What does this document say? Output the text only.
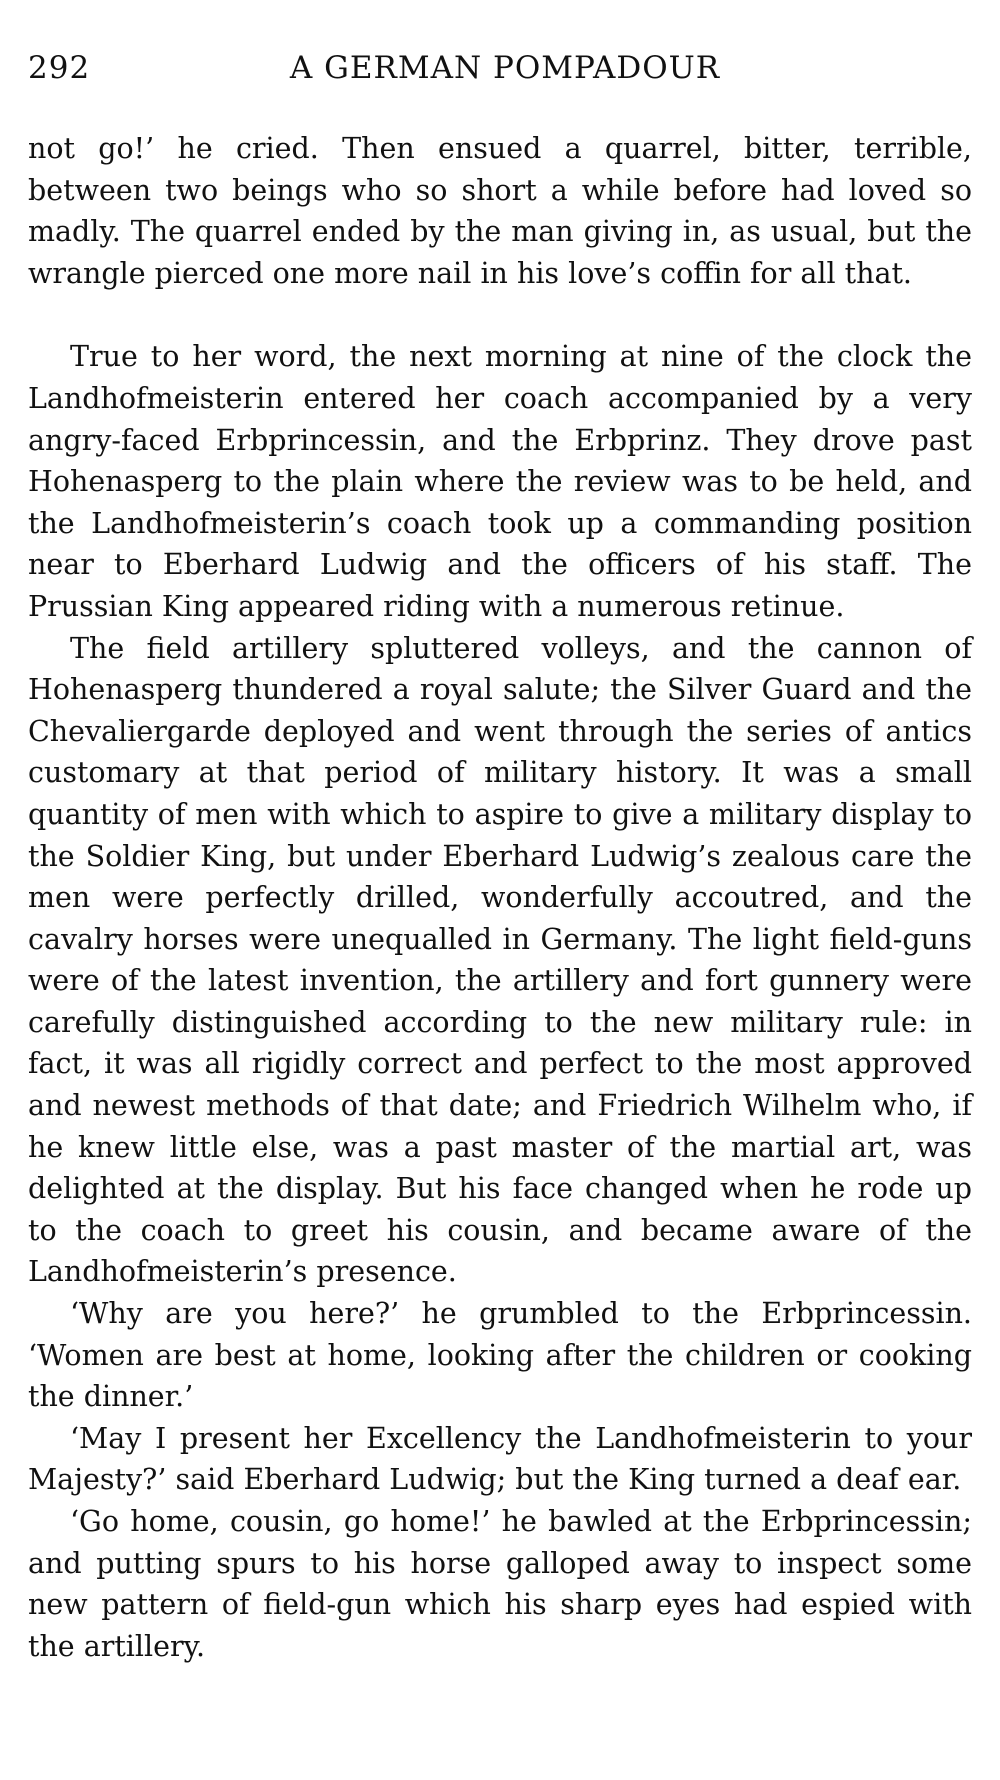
292	A GERMAN POMPADOUR

not go!’ he cried. Then ensued a quarrel, bitter, terrible, between two beings who so short a while before had loved so madly. The quarrel ended by the man giving in, as usual, but the wrangle pierced one more nail in his love’s coffin for all that.

True to her word, the next morning at nine of the clock the Landhofmeisterin entered her coach accompanied by a very angry-faced Erbprincessin, and the Erbprinz. They drove past Hohenasperg to the plain where the review was to be held, and the Landhofmeisterin’s coach took up a commanding position near to Eberhard Ludwig and the officers of his staff. The Prussian King appeared riding with a numerous retinue.

The field artillery spluttered volleys, and the cannon of Hohenasperg thundered a royal salute; the Silver Guard and the Chevaliergarde deployed and went through the series of antics customary at that period of military history. It was a small quantity of men with which to aspire to give a military display to the Soldier King, but under Eberhard Ludwig’s zealous care the men were perfectly drilled, wonderfully accoutred, and the cavalry horses were unequalled in Germany. The light field-guns were of the latest invention, the artillery and fort gunnery were carefully distinguished according to the new military rule: in fact, it was all rigidly correct and perfect to the most approved and newest methods of that date; and Friedrich Wilhelm who, if he knew little else, was a past master of the martial art, was delighted at the display. But his face changed when he rode up to the coach to greet his cousin, and became aware of the Landhofmeisterin’s presence.

‘Why are you here?’ he grumbled to the Erbprincessin. ‘Women are best at home, looking after the children or cooking the dinner.’

‘May I present her Excellency the Landhofmeisterin to your Majesty?’ said Eberhard Ludwig; but the King turned a deaf ear.

‘Go home, cousin, go home!’ he bawled at the Erbprincessin; and putting spurs to his horse galloped away to inspect some new pattern of field-gun which his sharp eyes had espied with the artillery.
